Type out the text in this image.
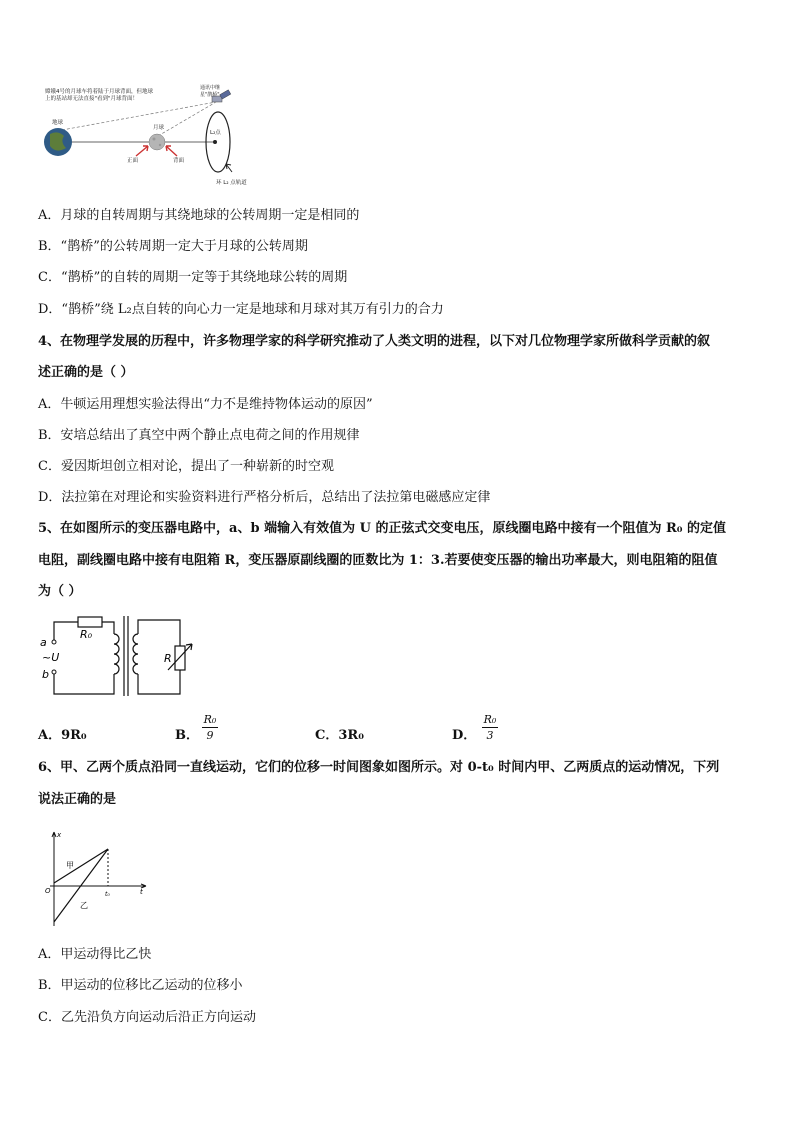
嫦娥4号的月球车将着陆于月球背面，但地球
上的基站却无法直接"看到"月球背面！
通讯中继
星"鹊桥"
地球
月球
正面	背面
L₂点
环 L₂ 点轨道
A．月球的自转周期与其绕地球的公转周期一定是相同的
B．“鹊桥”的公转周期一定大于月球的公转周期
C．“鹊桥”的自转的周期一定等于其绕地球公转的周期
D．“鹊桥”绕 L₂点自转的向心力一定是地球和月球对其万有引力的合力
4、在物理学发展的历程中，许多物理学家的科学研究推动了人类文明的进程，以下对几位物理学家所做科学贡献的叙
述正确的是（ ）
A．牛顿运用理想实验法得出“力不是维持物体运动的原因”
B．安培总结出了真空中两个静止点电荷之间的作用规律
C．爱因斯坦创立相对论，提出了一种崭新的时空观
D．法拉第在对理论和实验资料进行严格分析后，总结出了法拉第电磁感应定律
5、在如图所示的变压器电路中，a、b 端输入有效值为 U 的正弦式交变电压，原线圈电路中接有一个阻值为 R₀ 的定值
电阻，副线圈电路中接有电阻箱 R，变压器原副线圈的匝数比为 1：3.若要使变压器的输出功率最大，则电阻箱的阻值
为（ ）
R₀
a
~U
b
R
A．9R₀	B．
R₀
9	C．3R₀	D．
R₀
3
6、甲、乙两个质点沿同一直线运动，它们的位移一时间图象如图所示。对 0-t₀ 时间内甲、乙两质点的运动情况，下列
说法正确的是
x
t
O
甲
乙
t₀
A．甲运动得比乙快
B．甲运动的位移比乙运动的位移小
C．乙先沿负方向运动后沿正方向运动
